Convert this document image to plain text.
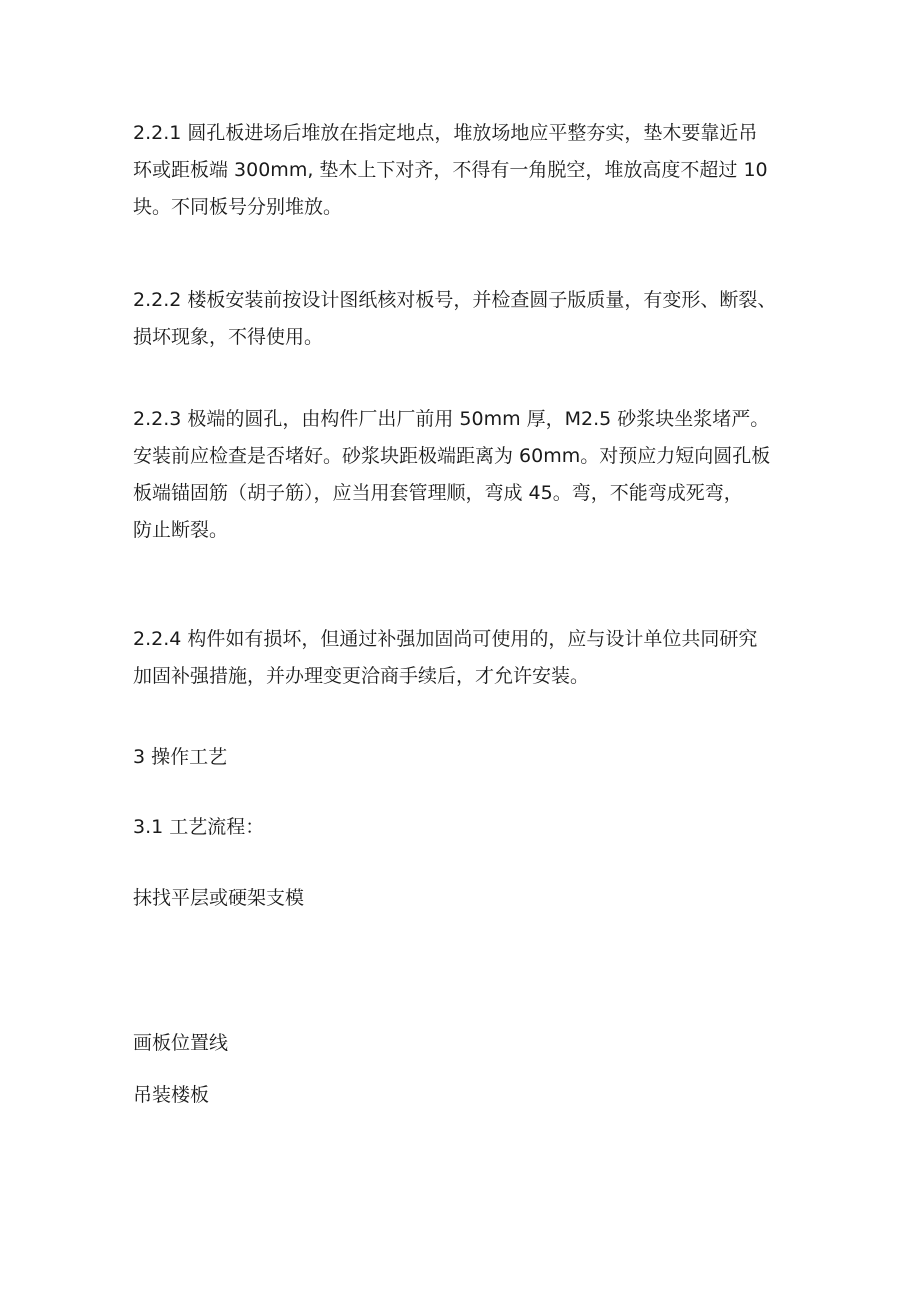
2.2.1 圆孔板进场后堆放在指定地点，堆放场地应平整夯实，垫木要靠近吊
环或距板端 300mm, 垫木上下对齐，不得有一角脱空，堆放高度不超过 10
块。不同板号分别堆放。

2.2.2 楼板安装前按设计图纸核对板号，并检查圆子版质量，有变形、断裂、
损坏现象，不得使用。

2.2.3 极端的圆孔，由构件厂出厂前用 50mm 厚，M2.5 砂浆块坐浆堵严。
安装前应检查是否堵好。砂浆块距极端距离为 60mm。对预应力短向圆孔板
板端锚固筋（胡子筋），应当用套管理顺，弯成 45。弯，不能弯成死弯，
防止断裂。

2.2.4 构件如有损坏，但通过补强加固尚可使用的，应与设计单位共同研究
加固补强措施，并办理变更洽商手续后，才允许安装。

3 操作工艺

3.1 工艺流程：

抹找平层或硬架支模

画板位置线

吊装楼板
